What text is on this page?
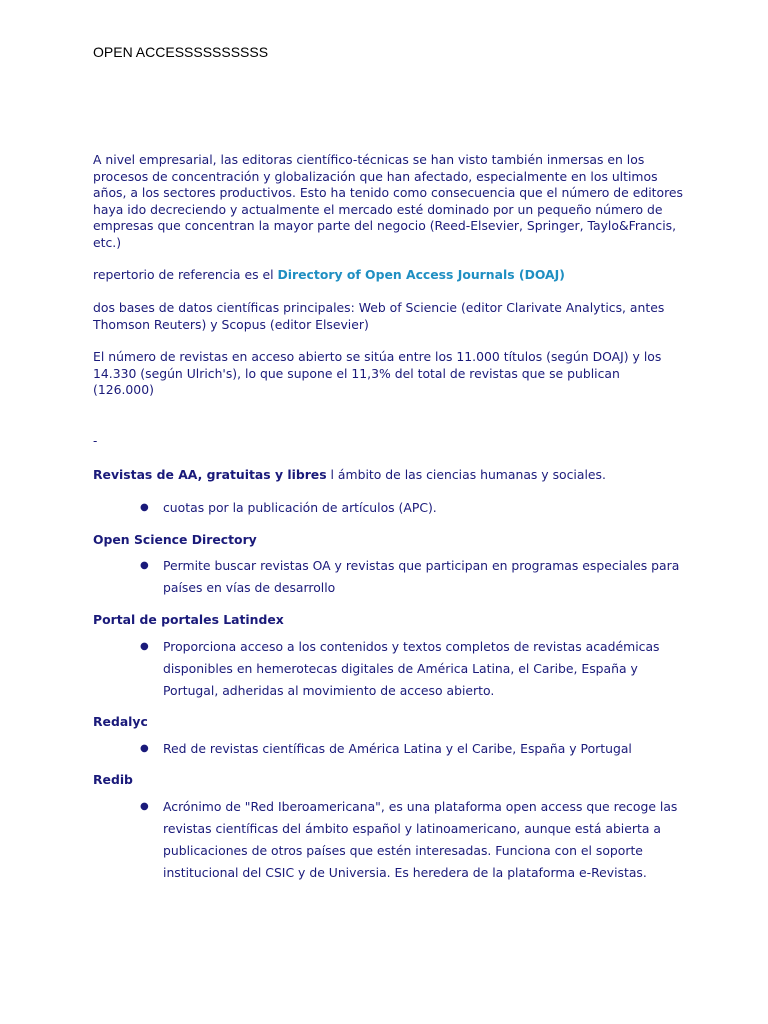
OPEN ACCESSSSSSSSSS

A nivel empresarial, las editoras científico-técnicas se han visto también inmersas en los procesos de concentración y globalización que han afectado, especialmente en los ultimos años, a los sectores productivos. Esto ha tenido como consecuencia que el número de editores haya ido decreciendo y actualmente el mercado esté dominado por un pequeño número de empresas que concentran la mayor parte del negocio (Reed-Elsevier, Springer, Taylo&Francis, etc.)

repertorio de referencia es el Directory of Open Access Journals (DOAJ)

dos bases de datos científicas principales: Web of Sciencie (editor Clarivate Analytics, antes Thomson Reuters) y Scopus (editor Elsevier)

El número de revistas en acceso abierto se sitúa entre los 11.000 títulos (según DOAJ) y los 14.330 (según Ulrich's), lo que supone el 11,3% del total de revistas que se publican (126.000)

-

Revistas de AA, gratuitas y libres l ámbito de las ciencias humanas y sociales.

● cuotas por la publicación de artículos (APC).

Open Science Directory

● Permite buscar revistas OA y revistas que participan en programas especiales para países en vías de desarrollo

Portal de portales Latindex

● Proporciona acceso a los contenidos y textos completos de revistas académicas disponibles en hemerotecas digitales de América Latina, el Caribe, España y Portugal, adheridas al movimiento de acceso abierto.

Redalyc

● Red de revistas científicas de América Latina y el Caribe, España y Portugal

Redib

● Acrónimo de "Red Iberoamericana", es una plataforma open access que recoge las revistas científicas del ámbito español y latinoamericano, aunque está abierta a publicaciones de otros países que estén interesadas. Funciona con el soporte institucional del CSIC y de Universia. Es heredera de la plataforma e-Revistas.
